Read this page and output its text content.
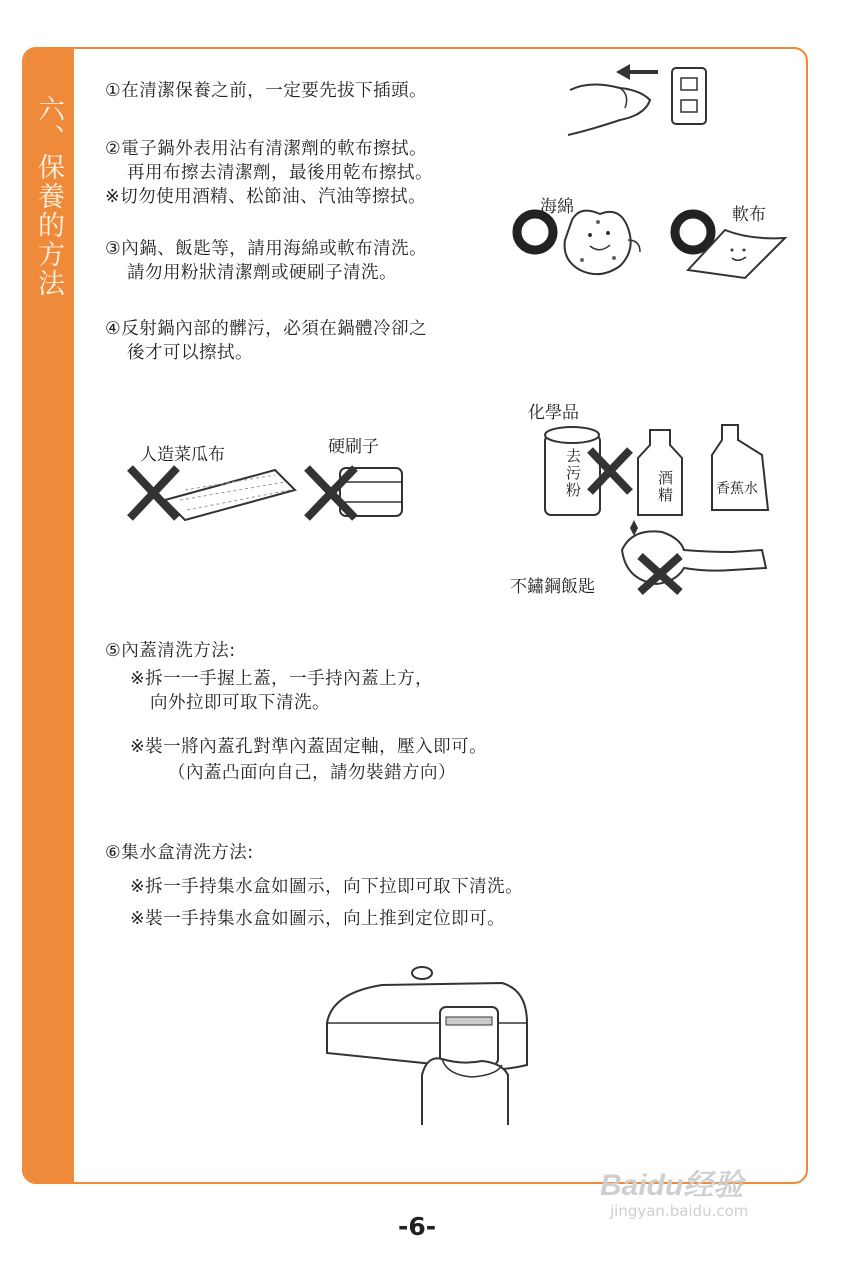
六、保養的方法
①在清潔保養之前，一定要先拔下插頭。
②電子鍋外表用沾有清潔劑的軟布擦拭。
再用布擦去清潔劑，最後用乾布擦拭。
※切勿使用酒精、松節油、汽油等擦拭。
③內鍋、飯匙等，請用海綿或軟布清洗。
請勿用粉狀清潔劑或硬刷子清洗。
④反射鍋內部的髒污，必須在鍋體冷卻之
後才可以擦拭。
海綿	軟布
人造菜瓜布	硬刷子
化學品
去污粉
酒精	香蕉水
不鏽鋼飯匙
⑤內蓋清洗方法:
※拆一一手握上蓋，一手持內蓋上方，
向外拉即可取下清洗。
※裝一將內蓋孔對準內蓋固定軸，壓入即可。
（內蓋凸面向自己，請勿裝錯方向）
⑥集水盒清洗方法:
※拆一手持集水盒如圖示，向下拉即可取下清洗。
※裝一手持集水盒如圖示，向上推到定位即可。
-6-
Baidu经验
jingyan.baidu.com
